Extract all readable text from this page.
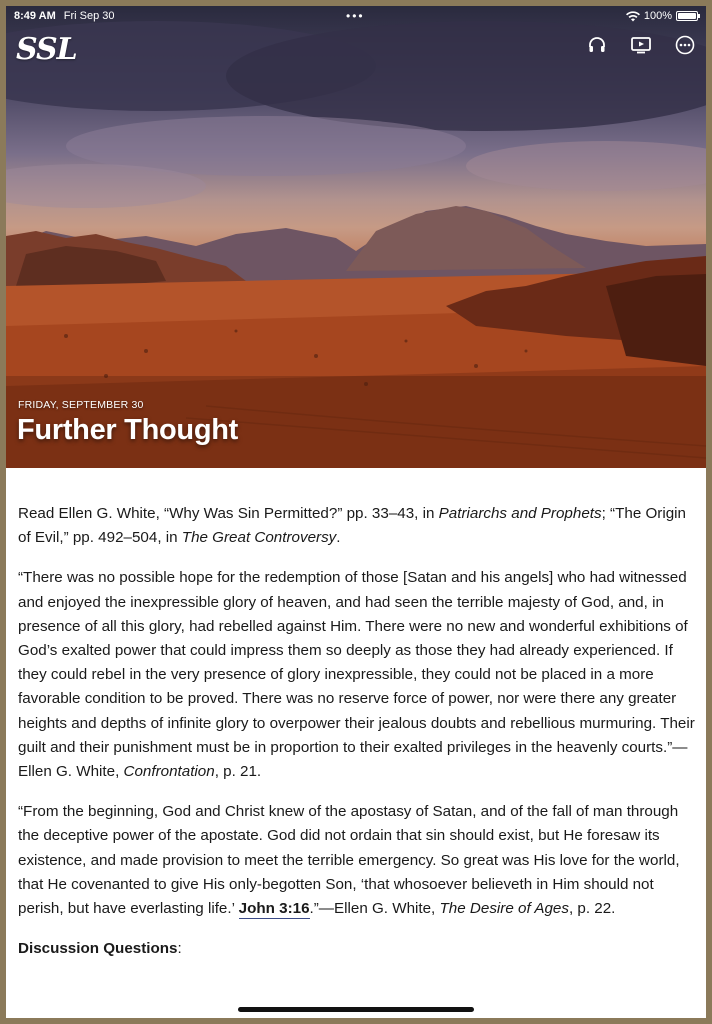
8:49 AM Fri Sep 30	•••	100%
SSL
FRIDAY, SEPTEMBER 30
Further Thought

Read Ellen G. White, “Why Was Sin Permitted?” pp. 33–43, in Patriarchs and Prophets; “The Origin of Evil,” pp. 492–504, in The Great Controversy.

“There was no possible hope for the redemption of those [Satan and his angels] who had witnessed and enjoyed the inexpressible glory of heaven, and had seen the terrible majesty of God, and, in presence of all this glory, had rebelled against Him. There were no new and wonderful exhibitions of God’s exalted power that could impress them so deeply as those they had already experienced. If they could rebel in the very presence of glory inexpressible, they could not be placed in a more favorable condition to be proved. There was no reserve force of power, nor were there any greater heights and depths of infinite glory to overpower their jealous doubts and rebellious murmuring. Their guilt and their punishment must be in proportion to their exalted privileges in the heavenly courts.”—Ellen G. White, Confrontation, p. 21.

“From the beginning, God and Christ knew of the apostasy of Satan, and of the fall of man through the deceptive power of the apostate. God did not ordain that sin should exist, but He foresaw its existence, and made provision to meet the terrible emergency. So great was His love for the world, that He covenanted to give His only-begotten Son, ‘that whosoever believeth in Him should not perish, but have everlasting life.’ John 3:16.”—Ellen G. White, The Desire of Ages, p. 22.

Discussion Questions:
